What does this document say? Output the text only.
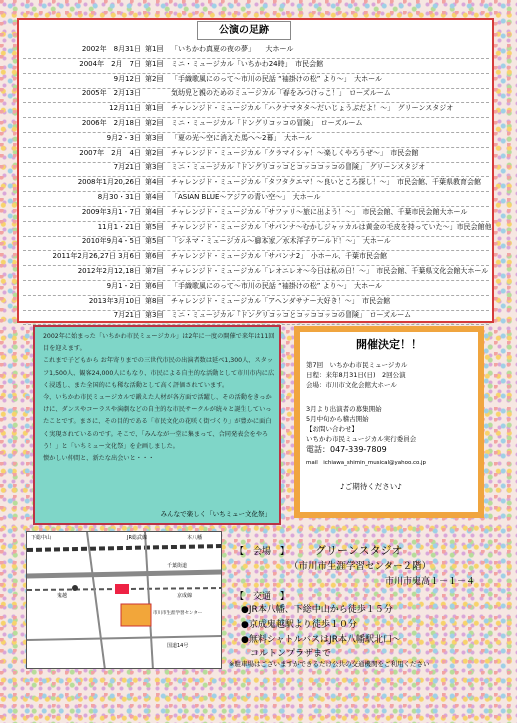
公演の足跡
2002年　8月31日 第1回 「いちかわ真夏の夜の夢」　　大ホール
2004年　2月　7日 第1回 ミニ・ミュージカル「いちかわ24時」　市民会館
9月12日 第2回 「手織歌風にのって～市川の民話 “袖掛けの松” より～」　大ホール
2005年　2月13日	気幼児と親のためのミュージカル「春をみつけっこ！」　ローズルーム
12月11日 第1回 チャレンジド・ミュージカル「ハクナマタタ～だいじょうぶだよ！～」　グリーンスタジオ
2006年　2月18日 第2回 ミニ・ミュージカル「ドングリコッコの冒険」　ローズルーム
9月2・3日 第3回 「夏の光～空に消えた馬へ～2幕」　大ホール
2007年　2月　4日 第2回 チャレンジド・ミュージカル「クラマイシャ！～楽しくやろうぜ～」　市民会館
7月21日 第3回 ミニ・ミュージカル「ドングリコッコとコッココッコの冒険」　グリーンスタジオ
2008年1月20,26日 第4回 チャレンジド・ミュージカル「タフタクエマ！～良いところ探し！～」　市民会館、千葉県教育会館
8月30・31日 第4回 「ASIAN BLUE～アジアの青い空～」　大ホール
2009年3月1・7日 第4回 チャレンジド・ミュージカル「サファリ～旅に出よう！～」　市民会館、千葉市民会館大ホール
11月1・21日 第5回 チャレンジド・ミュージカル「サバンナ～むかしジャッカルは黄金の毛皮を持っていた～」市民会館他
2010年9月4・5日 第5回 「シネマ・ミュージカル～脚本家／水木洋子ワールド！～」　大ホール
2011年2月26,27日 3月6日 第6回 チャレンジド・ミュージカル「サバンナ2」　小ホール、千葉市民会館
2012年2月12,18日 第7回 チャレンジド・ミュージカル「レオニレオ～今日は私の日！～」　市民会館、千葉県文化会館大ホール
9月1・2日 第6回 「手織歌風にのって～市川の民話 “袖掛けの松” より～」　大ホール
2013年3月10日 第8回 チャレンジド・ミュージカル「アヘンダサナー大好き！～」　市民会館
7月21日 第3回 ミニ・ミュージカル「ドングリコッコとコッココッコの冒険」　ローズルーム

2002年に始まった「いちかわ市民ミュージカル」は2年に一度の開催で来年は11回目を迎えます。

これまで子どもから お年寄りまでの三世代市民の出演者数は延べ1,300人、スタッフ1,500人、観客24,000人にもなり、市民による自主的な活動として市川市内に広く浸透し、また全国的にも稀な活動として高く評価されています。

今、いちかわ市民ミュージカルで鍛えた人材が各方面で活躍し、その活動をきっかけに、ダンスやコーラスや演劇などの自主的な市民サークルが続々と誕生していったことです。まさに、その目的である「市民文化の花咲く街づくり」が豊かに面白く実現されているのです。そこで、「みんなが一堂に集まって、合同発表会をやろう！」と「いちミュー文化祭」を企画しました。

懐かしい仲間と、新たな出会いと・・・

みんなで楽しく「いちミュー文化祭」
開催決定！！
第7回　いちかわ市民ミュージカル
日程：来年8月31日(日)　2回公演
会場：市川市文化会館大ホール
3月より出演者の募集開始
5月中旬から稽古開始
【お問い合わせ】
いちかわ市民ミュージカル実行委員会
電話：047-339-7809
mail　ichiawa_shimin_musical@yahoo.co.jp
♪ご期待ください♪
JR総武線	本八幡
下総中山
鬼越	京成線
市川市生涯学習センター
千葉街道
国道14号
【　会場　】 グリーンスタジオ
（市川市生涯学習センター２階）
市川市鬼高１－１－４
【　交通　】
●JR本八幡、下総中山から徒歩１５分
●京成鬼越駅より徒歩１０分
●無料シャトルバスはJR本八幡駅北口～
　コルトンプラザまで
※駐車場はございますができるだけ公共の交通機関をご利用ください
